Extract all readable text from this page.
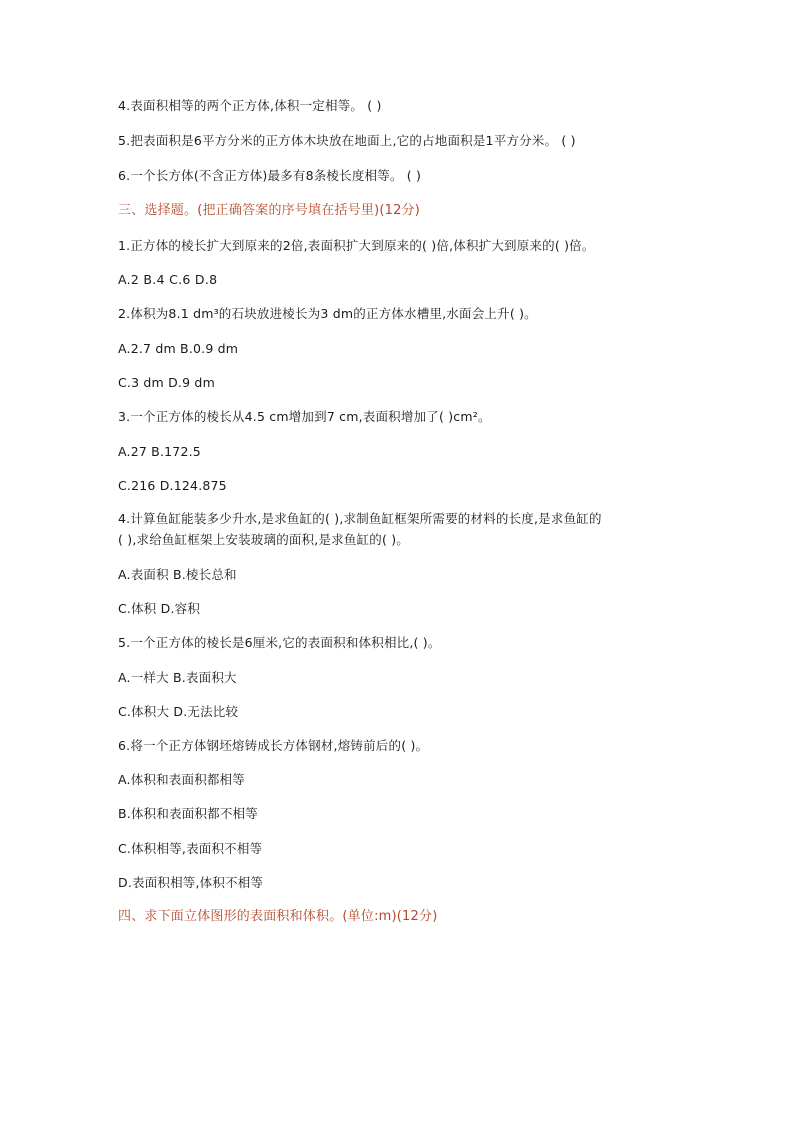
4.表面积相等的两个正方体,体积一定相等。 ( )
5.把表面积是6平方分米的正方体木块放在地面上,它的占地面积是1平方分米。 ( )
6.一个长方体(不含正方体)最多有8条棱长度相等。 ( )
三、选择题。(把正确答案的序号填在括号里)(12分)
1.正方体的棱长扩大到原来的2倍,表面积扩大到原来的( )倍,体积扩大到原来的( )倍。
A.2 B.4 C.6 D.8
2.体积为8.1 dm³的石块放进棱长为3 dm的正方体水槽里,水面会上升( )。
A.2.7 dm B.0.9 dm
C.3 dm D.9 dm
3.一个正方体的棱长从4.5 cm增加到7 cm,表面积增加了( )cm²。
A.27 B.172.5
C.216 D.124.875
4.计算鱼缸能装多少升水,是求鱼缸的( ),求制鱼缸框架所需要的材料的长度,是求鱼缸的
( ),求给鱼缸框架上安装玻璃的面积,是求鱼缸的( )。
A.表面积 B.棱长总和
C.体积 D.容积
5.一个正方体的棱长是6厘米,它的表面积和体积相比,( )。
A.一样大 B.表面积大
C.体积大 D.无法比较
6.将一个正方体钢坯熔铸成长方体钢材,熔铸前后的( )。
A.体积和表面积都相等
B.体积和表面积都不相等
C.体积相等,表面积不相等
D.表面积相等,体积不相等
四、求下面立体图形的表面积和体积。(单位:m)(12分)
